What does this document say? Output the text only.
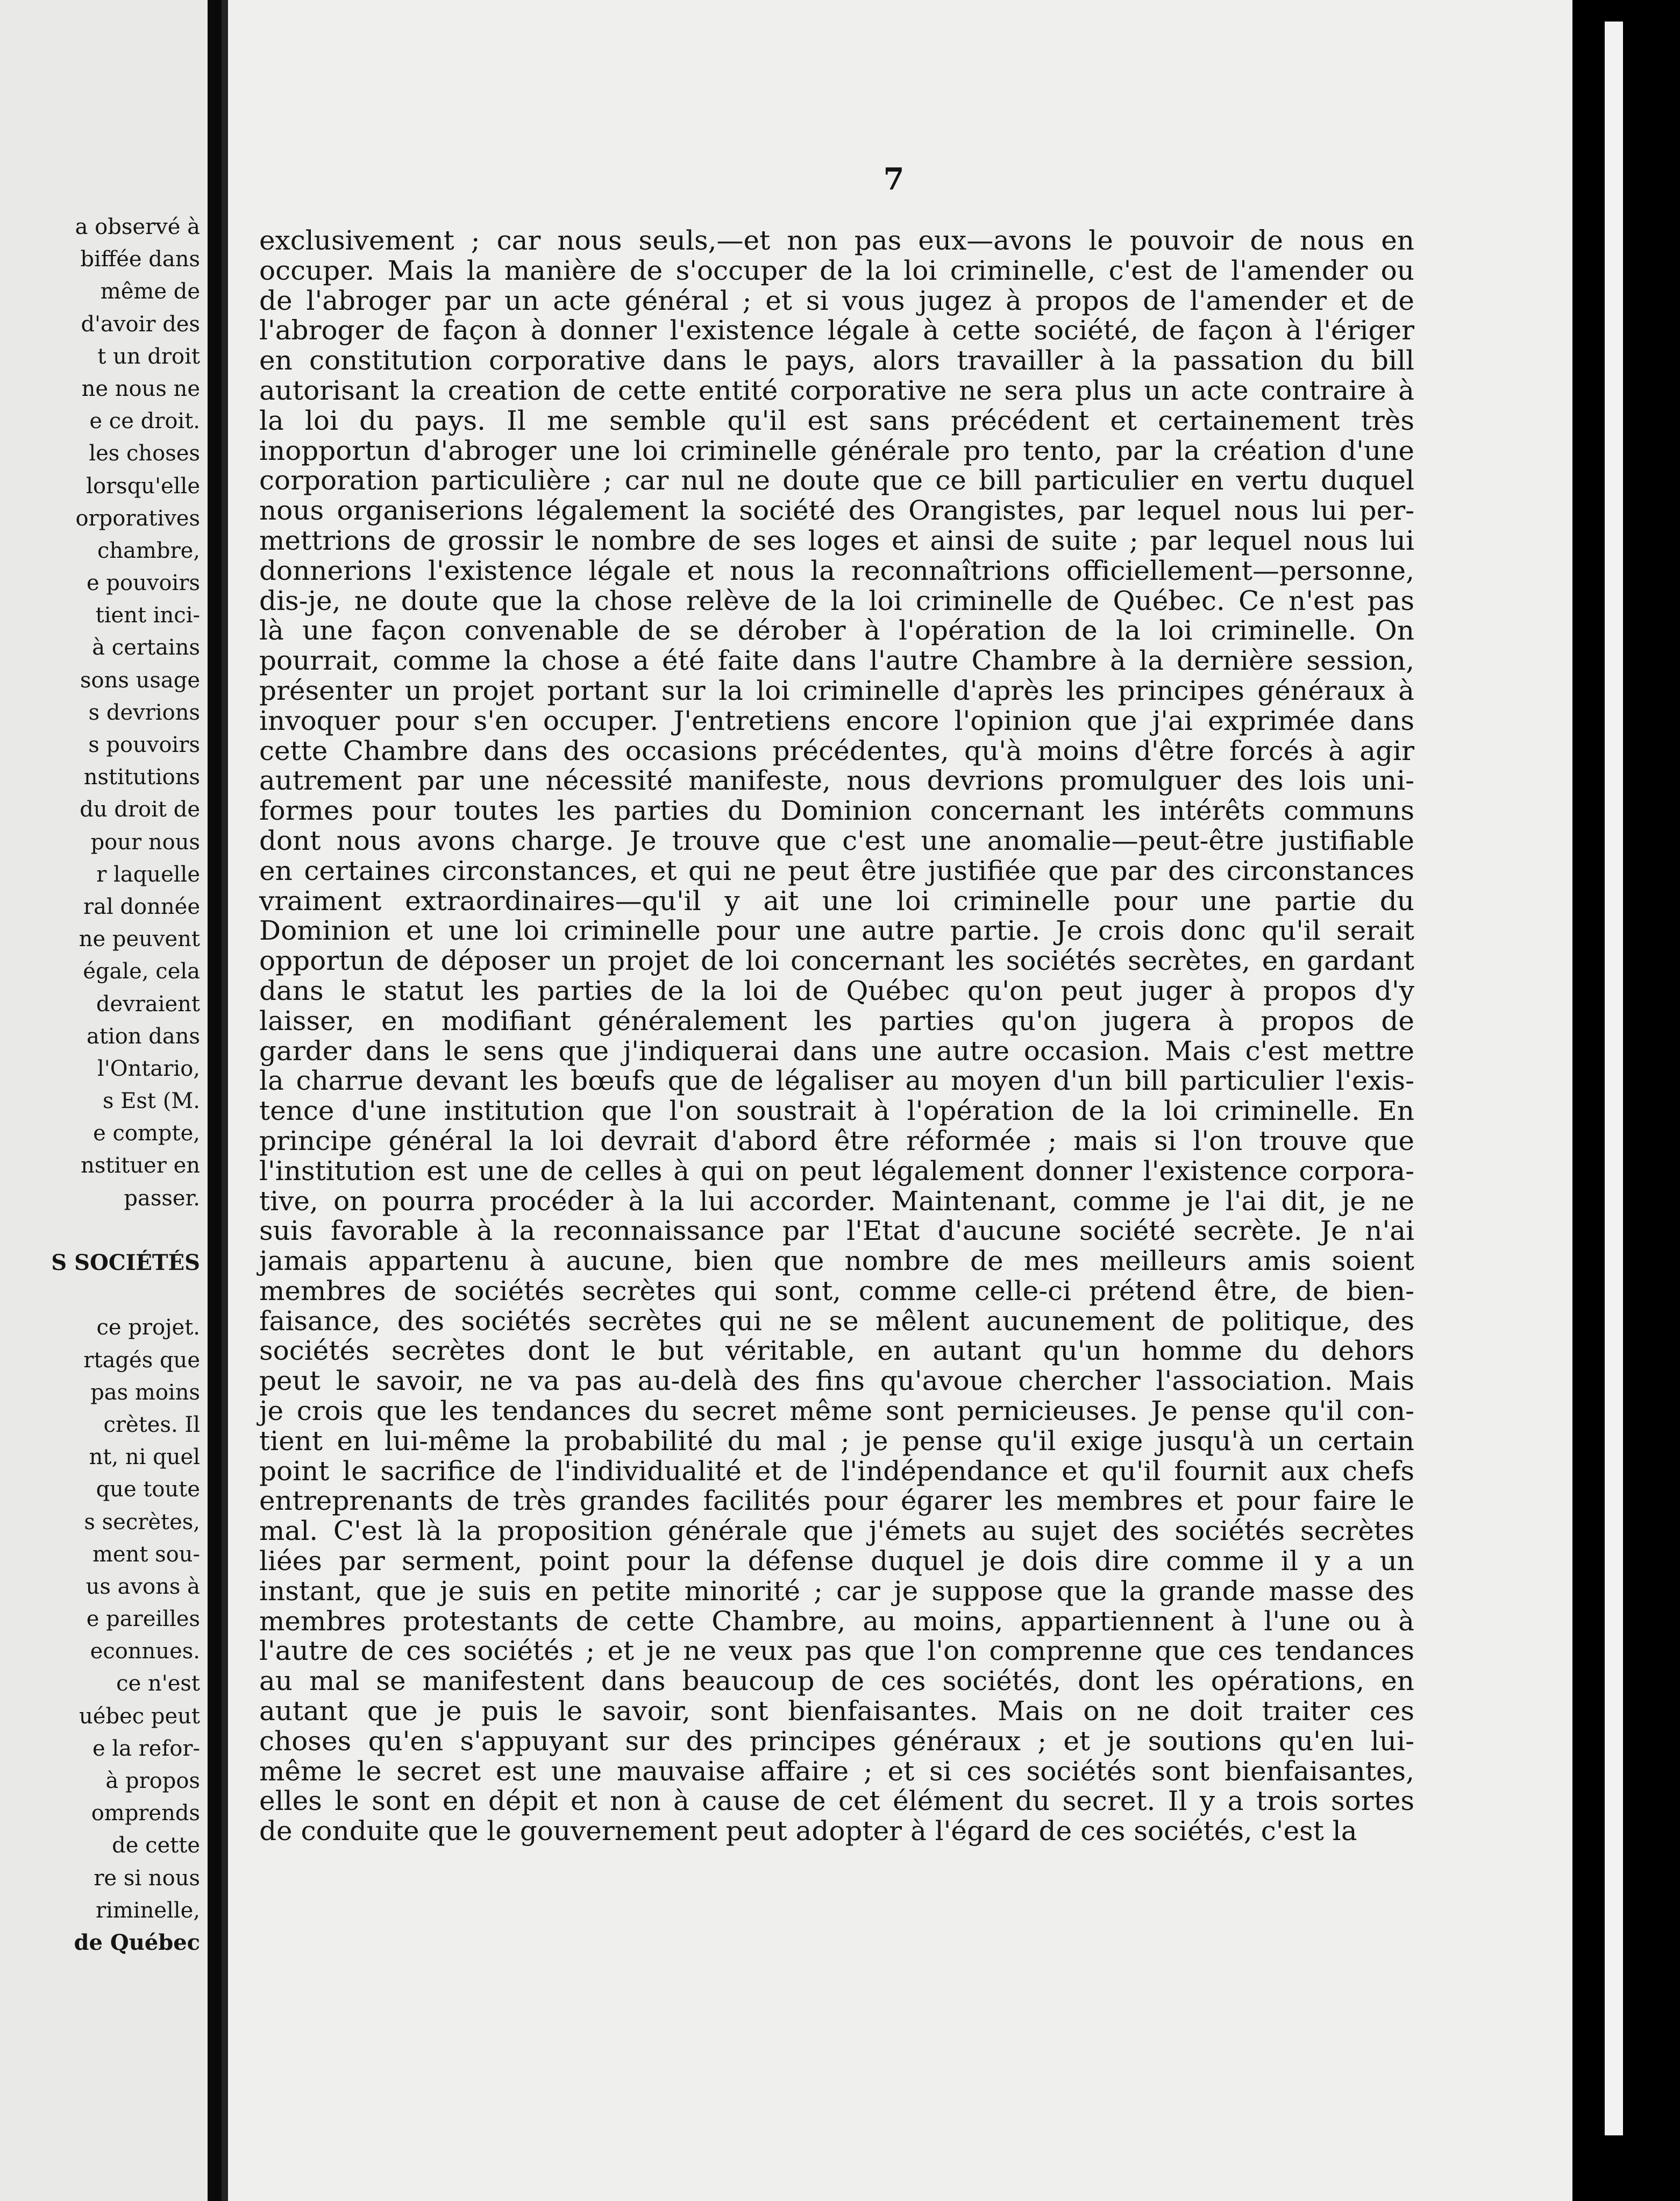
a observé à
biffée dans
même de
d'avoir des
t un droit
ne nous ne
e ce droit.
les choses
lorsqu'elle
orporatives
chambre,
e pouvoirs
tient inci-
à certains
sons usage
s devrions
s pouvoirs
nstitutions
du droit de
pour nous
r laquelle
ral donnée
ne peuvent
égale, cela
devraient
ation dans
l'Ontario,
s Est (M.
e compte,
nstituer en
passer.
S SOCIÉTÉS
ce projet.
rtagés que
pas moins
crètes. Il
nt, ni quel
que toute
s secrètes,
ment sou-
us avons à
e pareilles
econnues.
ce n'est
uébec peut
e la refor-
à propos
omprends
de cette
re si nous
riminelle,
de Québec
7
exclusivement ; car nous seuls,—et non pas eux—avons le pouvoir de nous en
occuper. Mais la manière de s'occuper de la loi criminelle, c'est de l'amender ou
de l'abroger par un acte général ; et si vous jugez à propos de l'amender et de
l'abroger de façon à donner l'existence légale à cette société, de façon à l'ériger
en constitution corporative dans le pays, alors travailler à la passation du bill
autorisant la creation de cette entité corporative ne sera plus un acte contraire à
la loi du pays. Il me semble qu'il est sans précédent et certainement très
inopportun d'abroger une loi criminelle générale pro tento, par la création d'une
corporation particulière ; car nul ne doute que ce bill particulier en vertu duquel
nous organiserions légalement la société des Orangistes, par lequel nous lui per-
mettrions de grossir le nombre de ses loges et ainsi de suite ; par lequel nous lui
donnerions l'existence légale et nous la reconnaîtrions officiellement—personne,
dis-je, ne doute que la chose relève de la loi criminelle de Québec. Ce n'est pas
là une façon convenable de se dérober à l'opération de la loi criminelle. On
pourrait, comme la chose a été faite dans l'autre Chambre à la dernière session,
présenter un projet portant sur la loi criminelle d'après les principes généraux à
invoquer pour s'en occuper. J'entretiens encore l'opinion que j'ai exprimée dans
cette Chambre dans des occasions précédentes, qu'à moins d'être forcés à agir
autrement par une nécessité manifeste, nous devrions promulguer des lois uni-
formes pour toutes les parties du Dominion concernant les intérêts communs
dont nous avons charge. Je trouve que c'est une anomalie—peut-être justifiable
en certaines circonstances, et qui ne peut être justifiée que par des circonstances
vraiment extraordinaires—qu'il y ait une loi criminelle pour une partie du
Dominion et une loi criminelle pour une autre partie. Je crois donc qu'il serait
opportun de déposer un projet de loi concernant les sociétés secrètes, en gardant
dans le statut les parties de la loi de Québec qu'on peut juger à propos d'y
laisser, en modifiant généralement les parties qu'on jugera à propos de
garder dans le sens que j'indiquerai dans une autre occasion. Mais c'est mettre
la charrue devant les bœufs que de légaliser au moyen d'un bill particulier l'exis-
tence d'une institution que l'on soustrait à l'opération de la loi criminelle. En
principe général la loi devrait d'abord être réformée ; mais si l'on trouve que
l'institution est une de celles à qui on peut légalement donner l'existence corpora-
tive, on pourra procéder à la lui accorder. Maintenant, comme je l'ai dit, je ne
suis favorable à la reconnaissance par l'Etat d'aucune société secrète. Je n'ai
jamais appartenu à aucune, bien que nombre de mes meilleurs amis soient
membres de sociétés secrètes qui sont, comme celle-ci prétend être, de bien-
faisance, des sociétés secrètes qui ne se mêlent aucunement de politique, des
sociétés secrètes dont le but véritable, en autant qu'un homme du dehors
peut le savoir, ne va pas au-delà des fins qu'avoue chercher l'association. Mais
je crois que les tendances du secret même sont pernicieuses. Je pense qu'il con-
tient en lui-même la probabilité du mal ; je pense qu'il exige jusqu'à un certain
point le sacrifice de l'individualité et de l'indépendance et qu'il fournit aux chefs
entreprenants de très grandes facilités pour égarer les membres et pour faire le
mal. C'est là la proposition générale que j'émets au sujet des sociétés secrètes
liées par serment, point pour la défense duquel je dois dire comme il y a un
instant, que je suis en petite minorité ; car je suppose que la grande masse des
membres protestants de cette Chambre, au moins, appartiennent à l'une ou à
l'autre de ces sociétés ; et je ne veux pas que l'on comprenne que ces tendances
au mal se manifestent dans beaucoup de ces sociétés, dont les opérations, en
autant que je puis le savoir, sont bienfaisantes. Mais on ne doit traiter ces
choses qu'en s'appuyant sur des principes généraux ; et je soutions qu'en lui-
même le secret est une mauvaise affaire ; et si ces sociétés sont bienfaisantes,
elles le sont en dépit et non à cause de cet élément du secret. Il y a trois sortes
de conduite que le gouvernement peut adopter à l'égard de ces sociétés, c'est la
